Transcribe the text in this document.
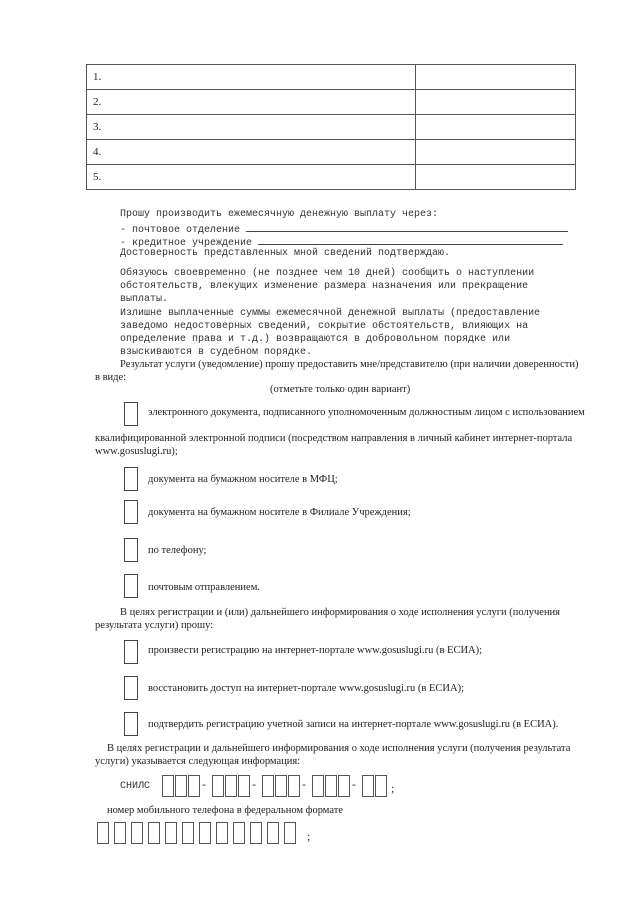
1.		
2.		
3.		
4.		
5.		
Прошу производить ежемесячную денежную выплату через:
- почтовое отделение
- кредитное учреждение
Достоверность представленных мной сведений подтверждаю.
Обязуюсь своевременно (не позднее чем 10 дней) сообщить о наступлении
обстоятельств, влекущих изменение размера назначения или прекращение
выплаты.
Излишне выплаченные суммы ежемесячной денежной выплаты (предоставление
заведомо недостоверных сведений, сокрытие обстоятельств, влияющих на
определение права и т.д.) возвращаются в добровольном порядке или
взыскиваются в судебном порядке.
Результат услуги (уведомление) прошу предоставить мне/представителю (при наличии доверенности)
в виде:
(отметьте только один вариант)
электронного документа, подписанного уполномоченным должностным лицом с использованием
квалифицированной электронной подписи (посредством направления в личный кабинет интернет-портала
www.gosuslugi.ru);
документа на бумажном носителе в МФЦ;
документа на бумажном носителе в Филиале Учреждения;
по телефону;
почтовым отправлением.
В целях регистрации и (или) дальнейшего информирования о ходе исполнения услуги (получения
результата услуги) прошу:
произвести регистрацию на интернет-портале www.gosuslugi.ru (в ЕСИА);
восстановить доступ на интернет-портале www.gosuslugi.ru (в ЕСИА);
подтвердить регистрацию учетной записи на интернет-портале www.gosuslugi.ru (в ЕСИА).
В целях регистрации и дальнейшего информирования о ходе исполнения услуги (получения результата
услуги) указывается следующая информация:
СНИЛС	-	-	-	-	;
номер мобильного телефона в федеральном формате
;
